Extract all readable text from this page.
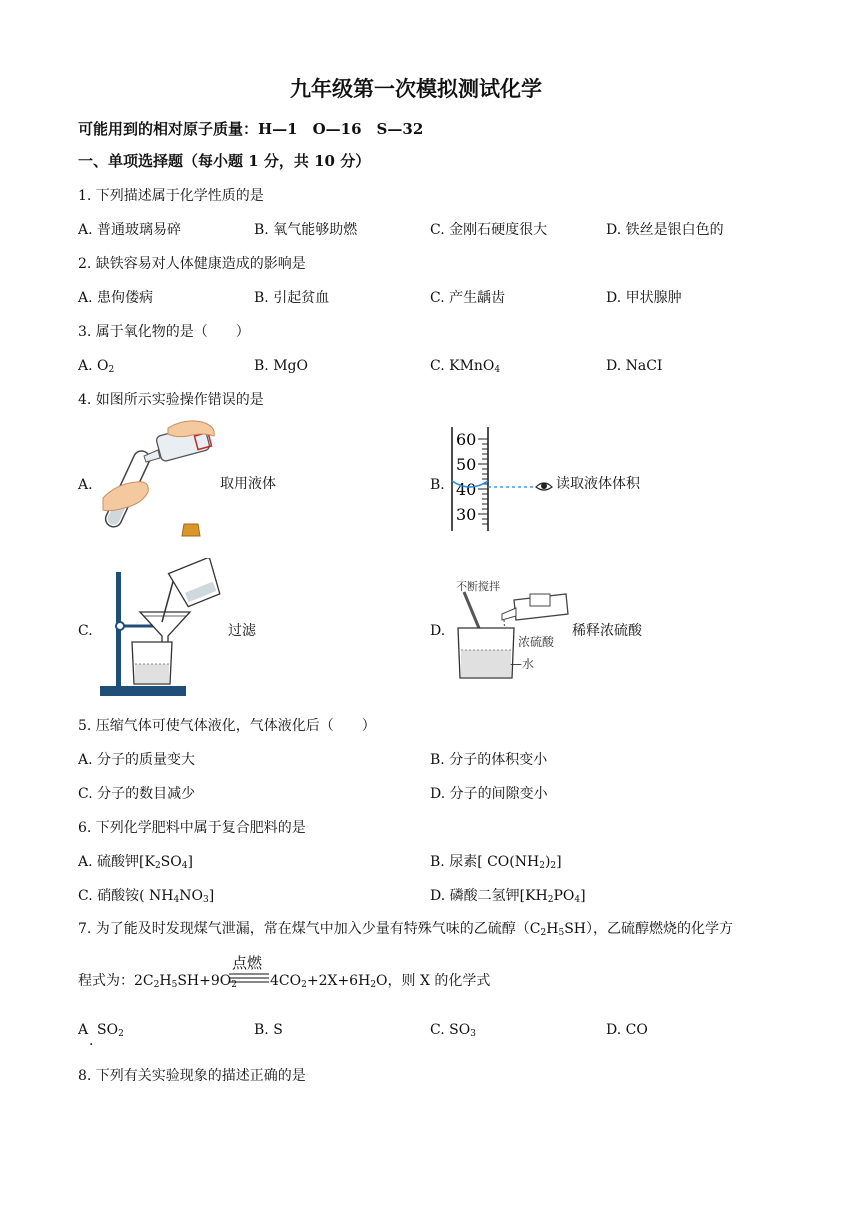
九年级第一次模拟测试化学
可能用到的相对原子质量：H—1　O—16　S—32
一、单项选择题（每小题 1 分，共 10 分）
1. 下列描述属于化学性质的是
A. 普通玻璃易碎	B. 氧气能够助燃	C. 金刚石硬度很大	D. 铁丝是银白色的
2. 缺铁容易对人体健康造成的影响是
A. 患佝偻病	B. 引起贫血	C. 产生龋齿	D. 甲状腺肿
3. 属于氧化物的是（　　）
A. $O_2$	B. MgO	C. KMnO$_4$	D. NaCI
4. 如图所示实验操作错误的是
A.	取用液体	B.
60
50
40
30
读取液体体积
C.	过滤	D.
不断搅拌
浓硫酸
—水
稀释浓硫酸
5. 压缩气体可使气体液化，气体液化后（　　）
A. 分子的质量变大	B. 分子的体积变小
C. 分子的数目减少	D. 分子的间隙变小
6. 下列化学肥料中属于复合肥料的是
A. 硫酸钾$[K_2SO_4]$	B. 尿素[ $CO(NH_2)_2$]
C. 硝酸铵( $NH_4NO_3$]	D. 磷酸二氢钾$[KH_2PO_4]$
7. 为了能及时发现煤气泄漏，常在煤气中加入少量有特殊气味的乙硫醇$(C_2H_5SH)$，乙硫醇燃烧的化学方
点燃
程式为：$2C_2H_5SH+9O_2$ $4CO_2+2X+6H_2O$，则 X 的化学式
A $SO_2$
.
B. S	C. $SO_3$	D. CO
8. 下列有关实验现象的描述正确的是
